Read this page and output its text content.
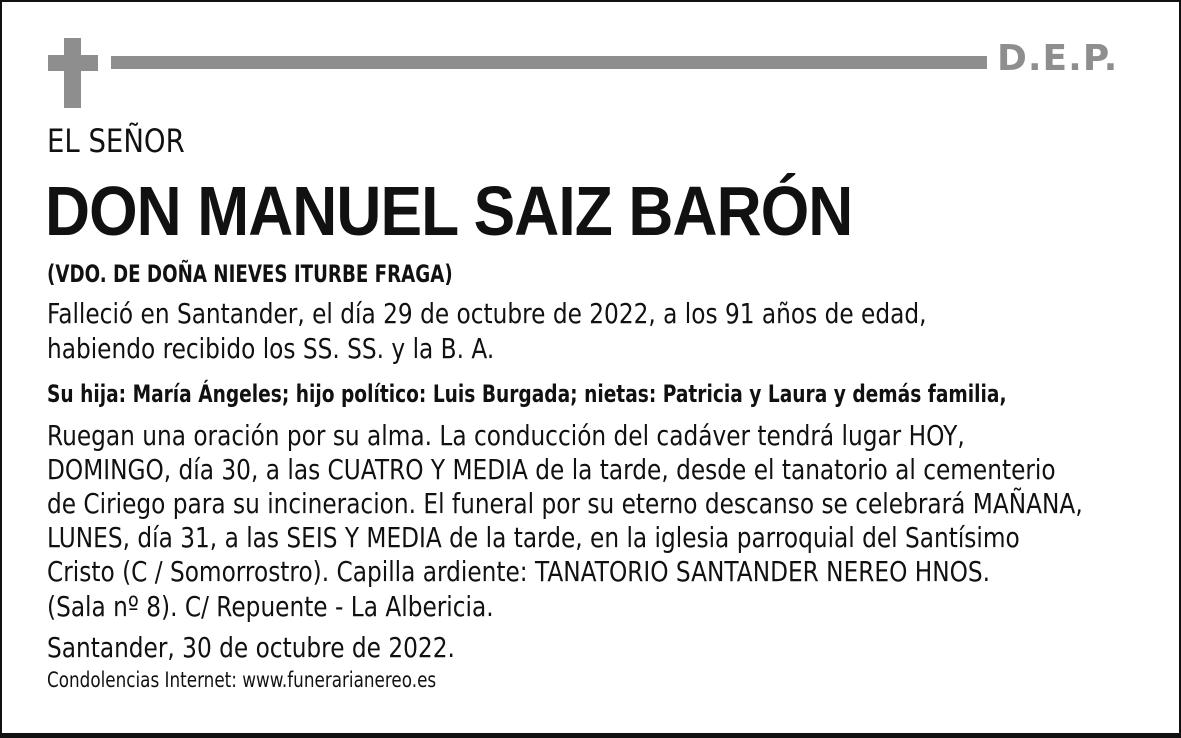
D.E.P.
EL SEÑOR
DON MANUEL SAIZ BARÓN
(VDO. DE DOÑA NIEVES ITURBE FRAGA)
Falleció en Santander, el día 29 de octubre de 2022, a los 91 años de edad,
habiendo recibido los SS. SS. y la B. A.
Su hija: María Ángeles; hijo político: Luis Burgada; nietas: Patricia y Laura y demás familia,
Ruegan una oración por su alma. La conducción del cadáver tendrá lugar HOY,
DOMINGO, día 30, a las CUATRO Y MEDIA de la tarde, desde el tanatorio al cementerio
de Ciriego para su incineracion. El funeral por su eterno descanso se celebrará MAÑANA,
LUNES, día 31, a las SEIS Y MEDIA de la tarde, en la iglesia parroquial del Santísimo
Cristo (C / Somorrostro). Capilla ardiente: TANATORIO SANTANDER NEREO HNOS.
(Sala nº 8). C/ Repuente - La Albericia.
Santander, 30 de octubre de 2022.
Condolencias Internet: www.funerarianereo.es
